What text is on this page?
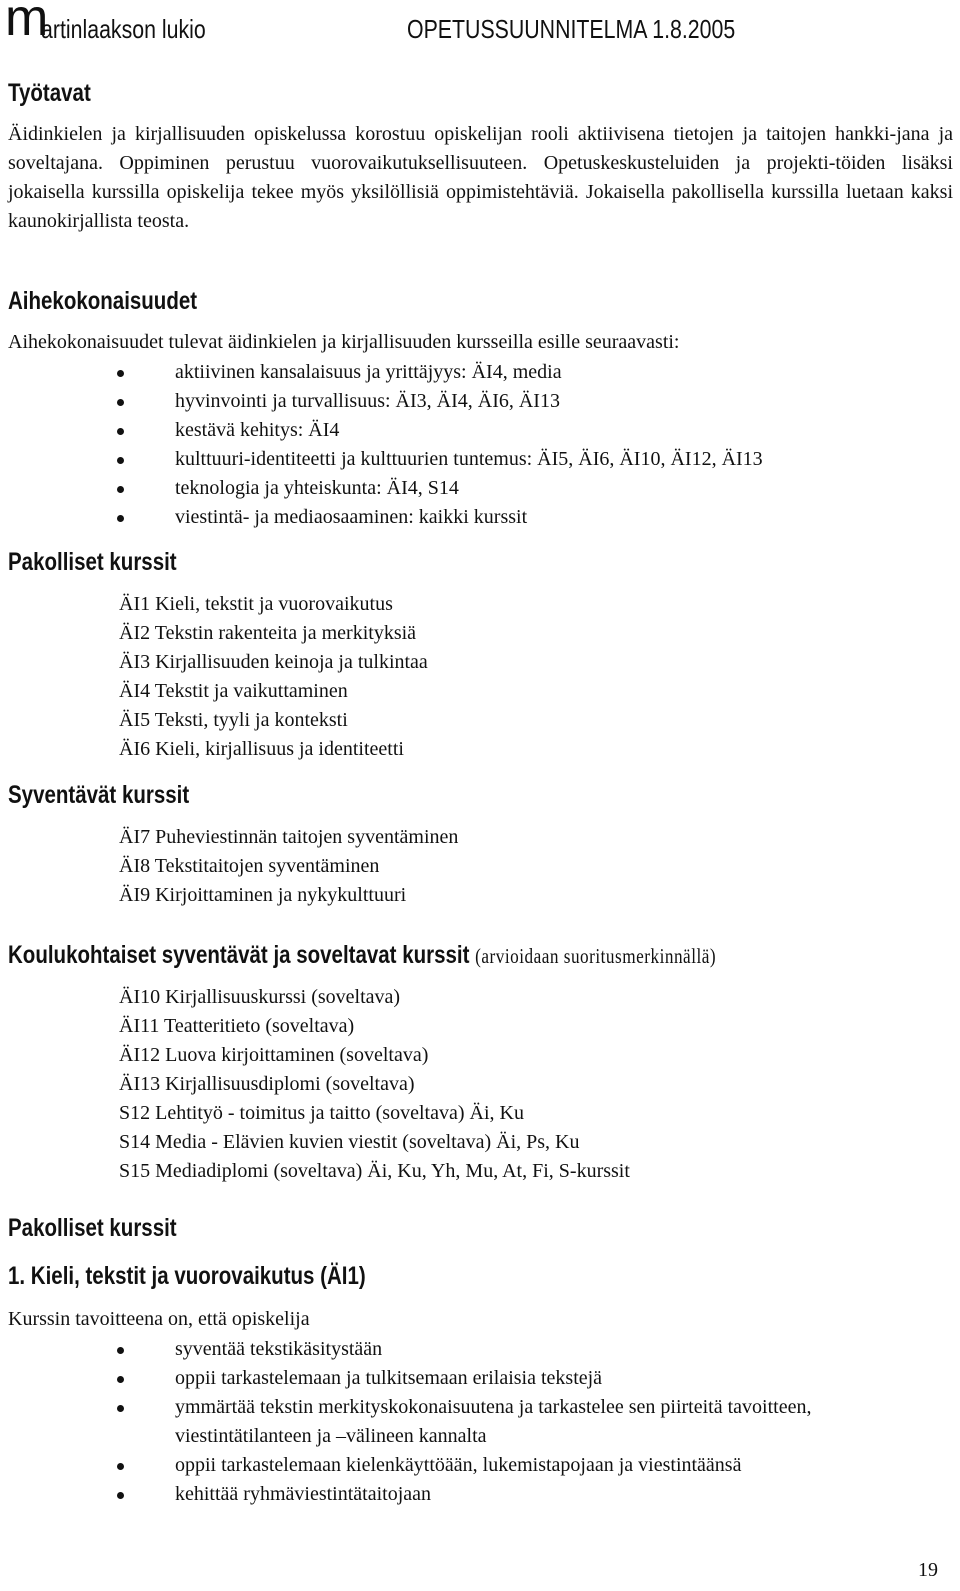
m
artinlaakson lukio	OPETUSSUUNNITELMA 1.8.2005
Työtavat
Äidinkielen ja kirjallisuuden opiskelussa korostuu opiskelijan rooli aktiivisena tietojen ja taitojen hankki-jana ja soveltajana. Oppiminen perustuu vuorovaikutuksellisuuteen. Opetuskeskusteluiden ja projekti-töiden lisäksi jokaisella kurssilla opiskelija tekee myös yksilöllisiä oppimistehtäviä. Jokaisella pakollisella kurssilla luetaan kaksi kaunokirjallista teosta.
Aihekokonaisuudet
Aihekokonaisuudet tulevat äidinkielen ja kirjallisuuden kursseilla esille seuraavasti:
aktiivinen kansalaisuus ja yrittäjyys: ÄI4, media
hyvinvointi ja turvallisuus: ÄI3, ÄI4, ÄI6, ÄI13
kestävä kehitys: ÄI4
kulttuuri-identiteetti ja kulttuurien tuntemus: ÄI5, ÄI6, ÄI10, ÄI12, ÄI13
teknologia ja yhteiskunta: ÄI4, S14
viestintä- ja mediaosaaminen: kaikki kurssit
Pakolliset kurssit
ÄI1 Kieli, tekstit ja vuorovaikutus
ÄI2 Tekstin rakenteita ja merkityksiä
ÄI3 Kirjallisuuden keinoja ja tulkintaa
ÄI4 Tekstit ja vaikuttaminen
ÄI5 Teksti, tyyli ja konteksti
ÄI6 Kieli, kirjallisuus ja identiteetti
Syventävät kurssit
ÄI7 Puheviestinnän taitojen syventäminen
ÄI8 Tekstitaitojen syventäminen
ÄI9 Kirjoittaminen ja nykykulttuuri
Koulukohtaiset syventävät ja soveltavat kurssit (arvioidaan suoritusmerkinnällä)
ÄI10 Kirjallisuuskurssi (soveltava)
ÄI11 Teatteritieto (soveltava)
ÄI12 Luova kirjoittaminen (soveltava)
ÄI13 Kirjallisuusdiplomi (soveltava)
S12 Lehtityö - toimitus ja taitto (soveltava) Äi, Ku
S14 Media - Elävien kuvien viestit (soveltava) Äi, Ps, Ku
S15 Mediadiplomi (soveltava) Äi, Ku, Yh, Mu, At, Fi, S-kurssit
Pakolliset kurssit
1. Kieli, tekstit ja vuorovaikutus (ÄI1)
Kurssin tavoitteena on, että opiskelija
syventää tekstikäsitystään
oppii tarkastelemaan ja tulkitsemaan erilaisia tekstejä
ymmärtää tekstin merkityskokonaisuutena ja tarkastelee sen piirteitä tavoitteen,
viestintätilanteen ja –välineen kannalta
oppii tarkastelemaan kielenkäyttöään, lukemistapojaan ja viestintäänsä
kehittää ryhmäviestintätaitojaan
19
